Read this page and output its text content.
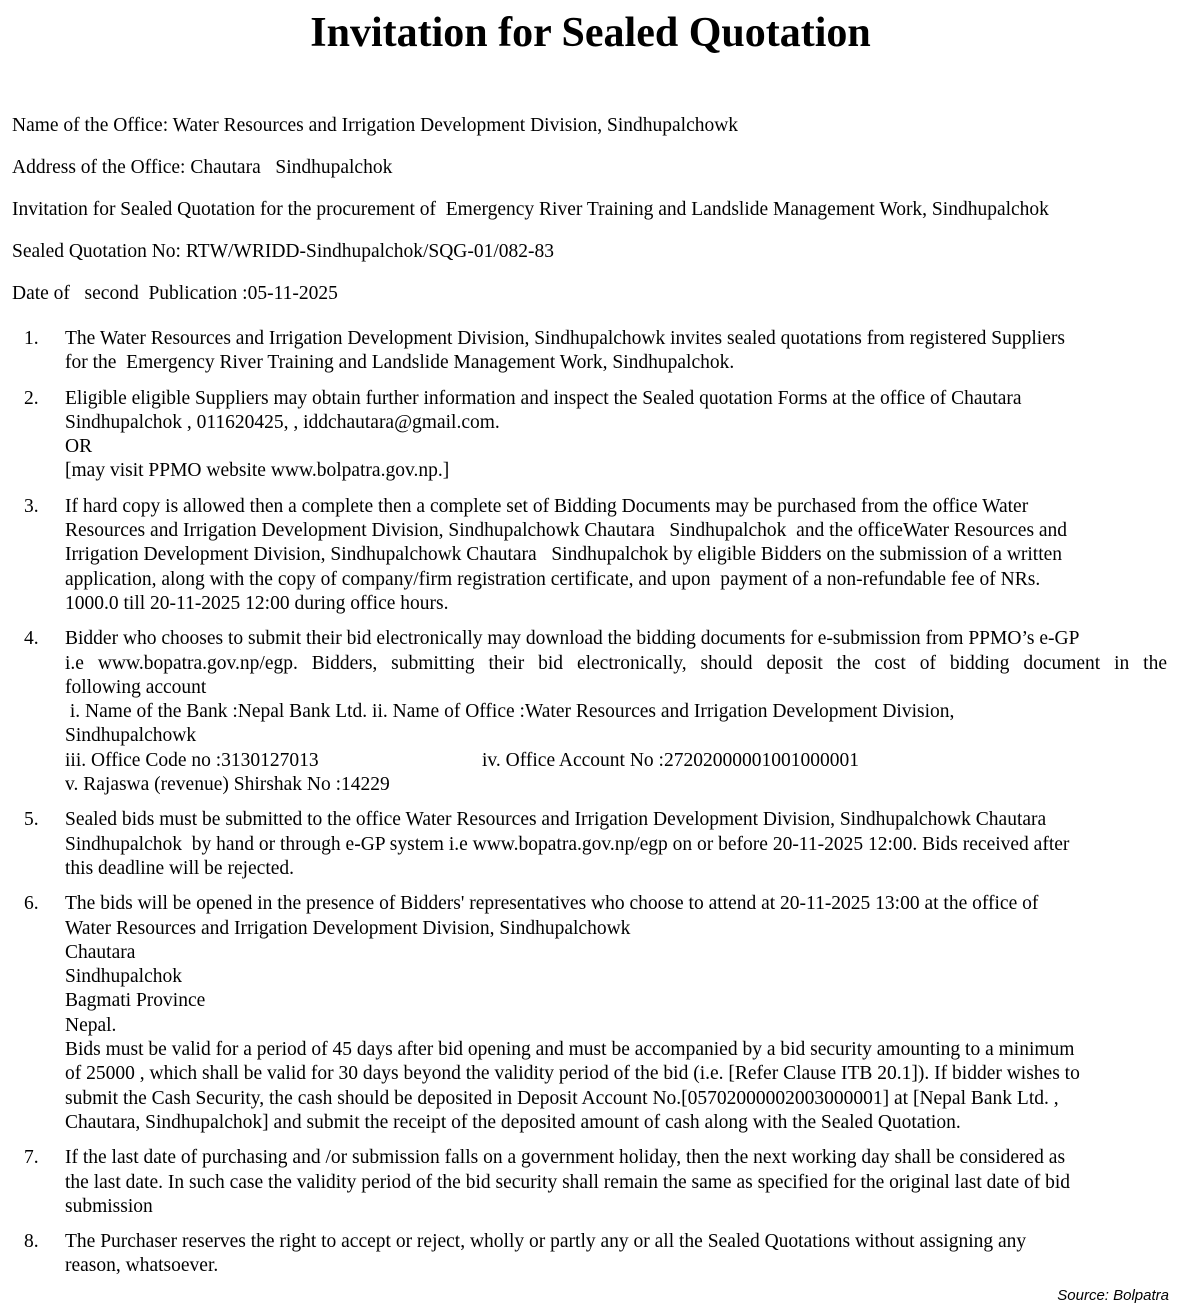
Invitation for Sealed Quotation
Name of the Office: Water Resources and Irrigation Development Division, Sindhupalchowk
Address of the Office: Chautara   Sindhupalchok
Invitation for Sealed Quotation for the procurement of  Emergency River Training and Landslide Management Work, Sindhupalchok
Sealed Quotation No: RTW/WRIDD-Sindhupalchok/SQG-01/082-83
Date of   second  Publication :05-11-2025
1. The Water Resources and Irrigation Development Division, Sindhupalchowk invites sealed quotations from registered Suppliers
for the  Emergency River Training and Landslide Management Work, Sindhupalchok.
2. Eligible eligible Suppliers may obtain further information and inspect the Sealed quotation Forms at the office of Chautara
Sindhupalchok , 011620425, , iddchautara@gmail.com.
OR
[may visit PPMO website www.bolpatra.gov.np.]
3. If hard copy is allowed then a complete then a complete set of Bidding Documents may be purchased from the office Water
Resources and Irrigation Development Division, Sindhupalchowk Chautara   Sindhupalchok  and the officeWater Resources and
Irrigation Development Division, Sindhupalchowk Chautara   Sindhupalchok by eligible Bidders on the submission of a written
application, along with the copy of company/firm registration certificate, and upon  payment of a non-refundable fee of NRs.
1000.0 till 20-11-2025 12:00 during office hours.
4. Bidder who chooses to submit their bid electronically may download the bidding documents for e-submission from PPMO’s e-GP
i.e www.bopatra.gov.np/egp. Bidders, submitting their bid electronically, should deposit the cost of bidding document in the
following account
i. Name of the Bank :Nepal Bank Ltd. ii. Name of Office :Water Resources and Irrigation Development Division,
Sindhupalchowk
iii. Office Code no :3130127013	iv. Office Account No :27202000001001000001
v. Rajaswa (revenue) Shirshak No :14229
5. Sealed bids must be submitted to the office Water Resources and Irrigation Development Division, Sindhupalchowk Chautara
Sindhupalchok  by hand or through e-GP system i.e www.bopatra.gov.np/egp on or before 20-11-2025 12:00. Bids received after
this deadline will be rejected.
6. The bids will be opened in the presence of Bidders' representatives who choose to attend at 20-11-2025 13:00 at the office of
Water Resources and Irrigation Development Division, Sindhupalchowk
Chautara
Sindhupalchok
Bagmati Province
Nepal.
Bids must be valid for a period of 45 days after bid opening and must be accompanied by a bid security amounting to a minimum
of 25000 , which shall be valid for 30 days beyond the validity period of the bid (i.e. [Refer Clause ITB 20.1]). If bidder wishes to
submit the Cash Security, the cash should be deposited in Deposit Account No.[05702000002003000001] at [Nepal Bank Ltd. ,
Chautara, Sindhupalchok] and submit the receipt of the deposited amount of cash along with the Sealed Quotation.
7. If the last date of purchasing and /or submission falls on a government holiday, then the next working day shall be considered as
the last date. In such case the validity period of the bid security shall remain the same as specified for the original last date of bid
submission
8. The Purchaser reserves the right to accept or reject, wholly or partly any or all the Sealed Quotations without assigning any
reason, whatsoever.
Source: Bolpatra
